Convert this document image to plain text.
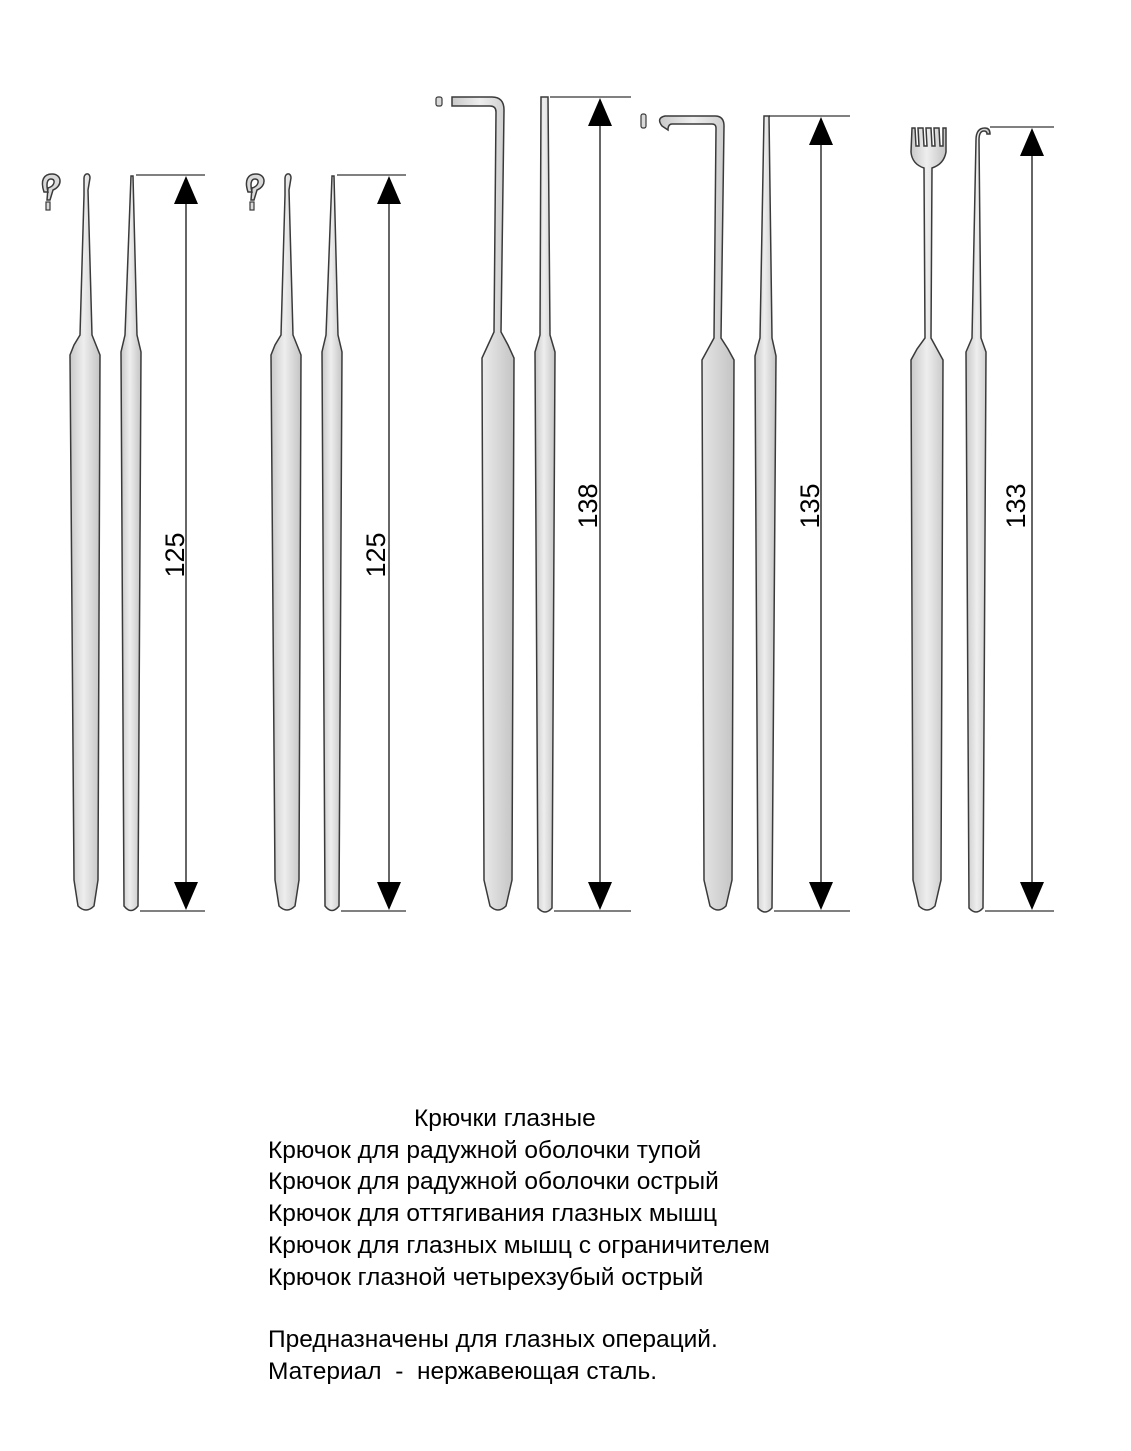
125	125
138	135	133
Крючки глазные
Крючок для радужной оболочки тупой
Крючок для радужной оболочки острый
Крючок для оттягивания глазных мышц
Крючок для глазных мышц с ограничителем
Крючок глазной четырехзубый острый
Предназначены для глазных операций.
Материал  -  нержавеющая сталь.
